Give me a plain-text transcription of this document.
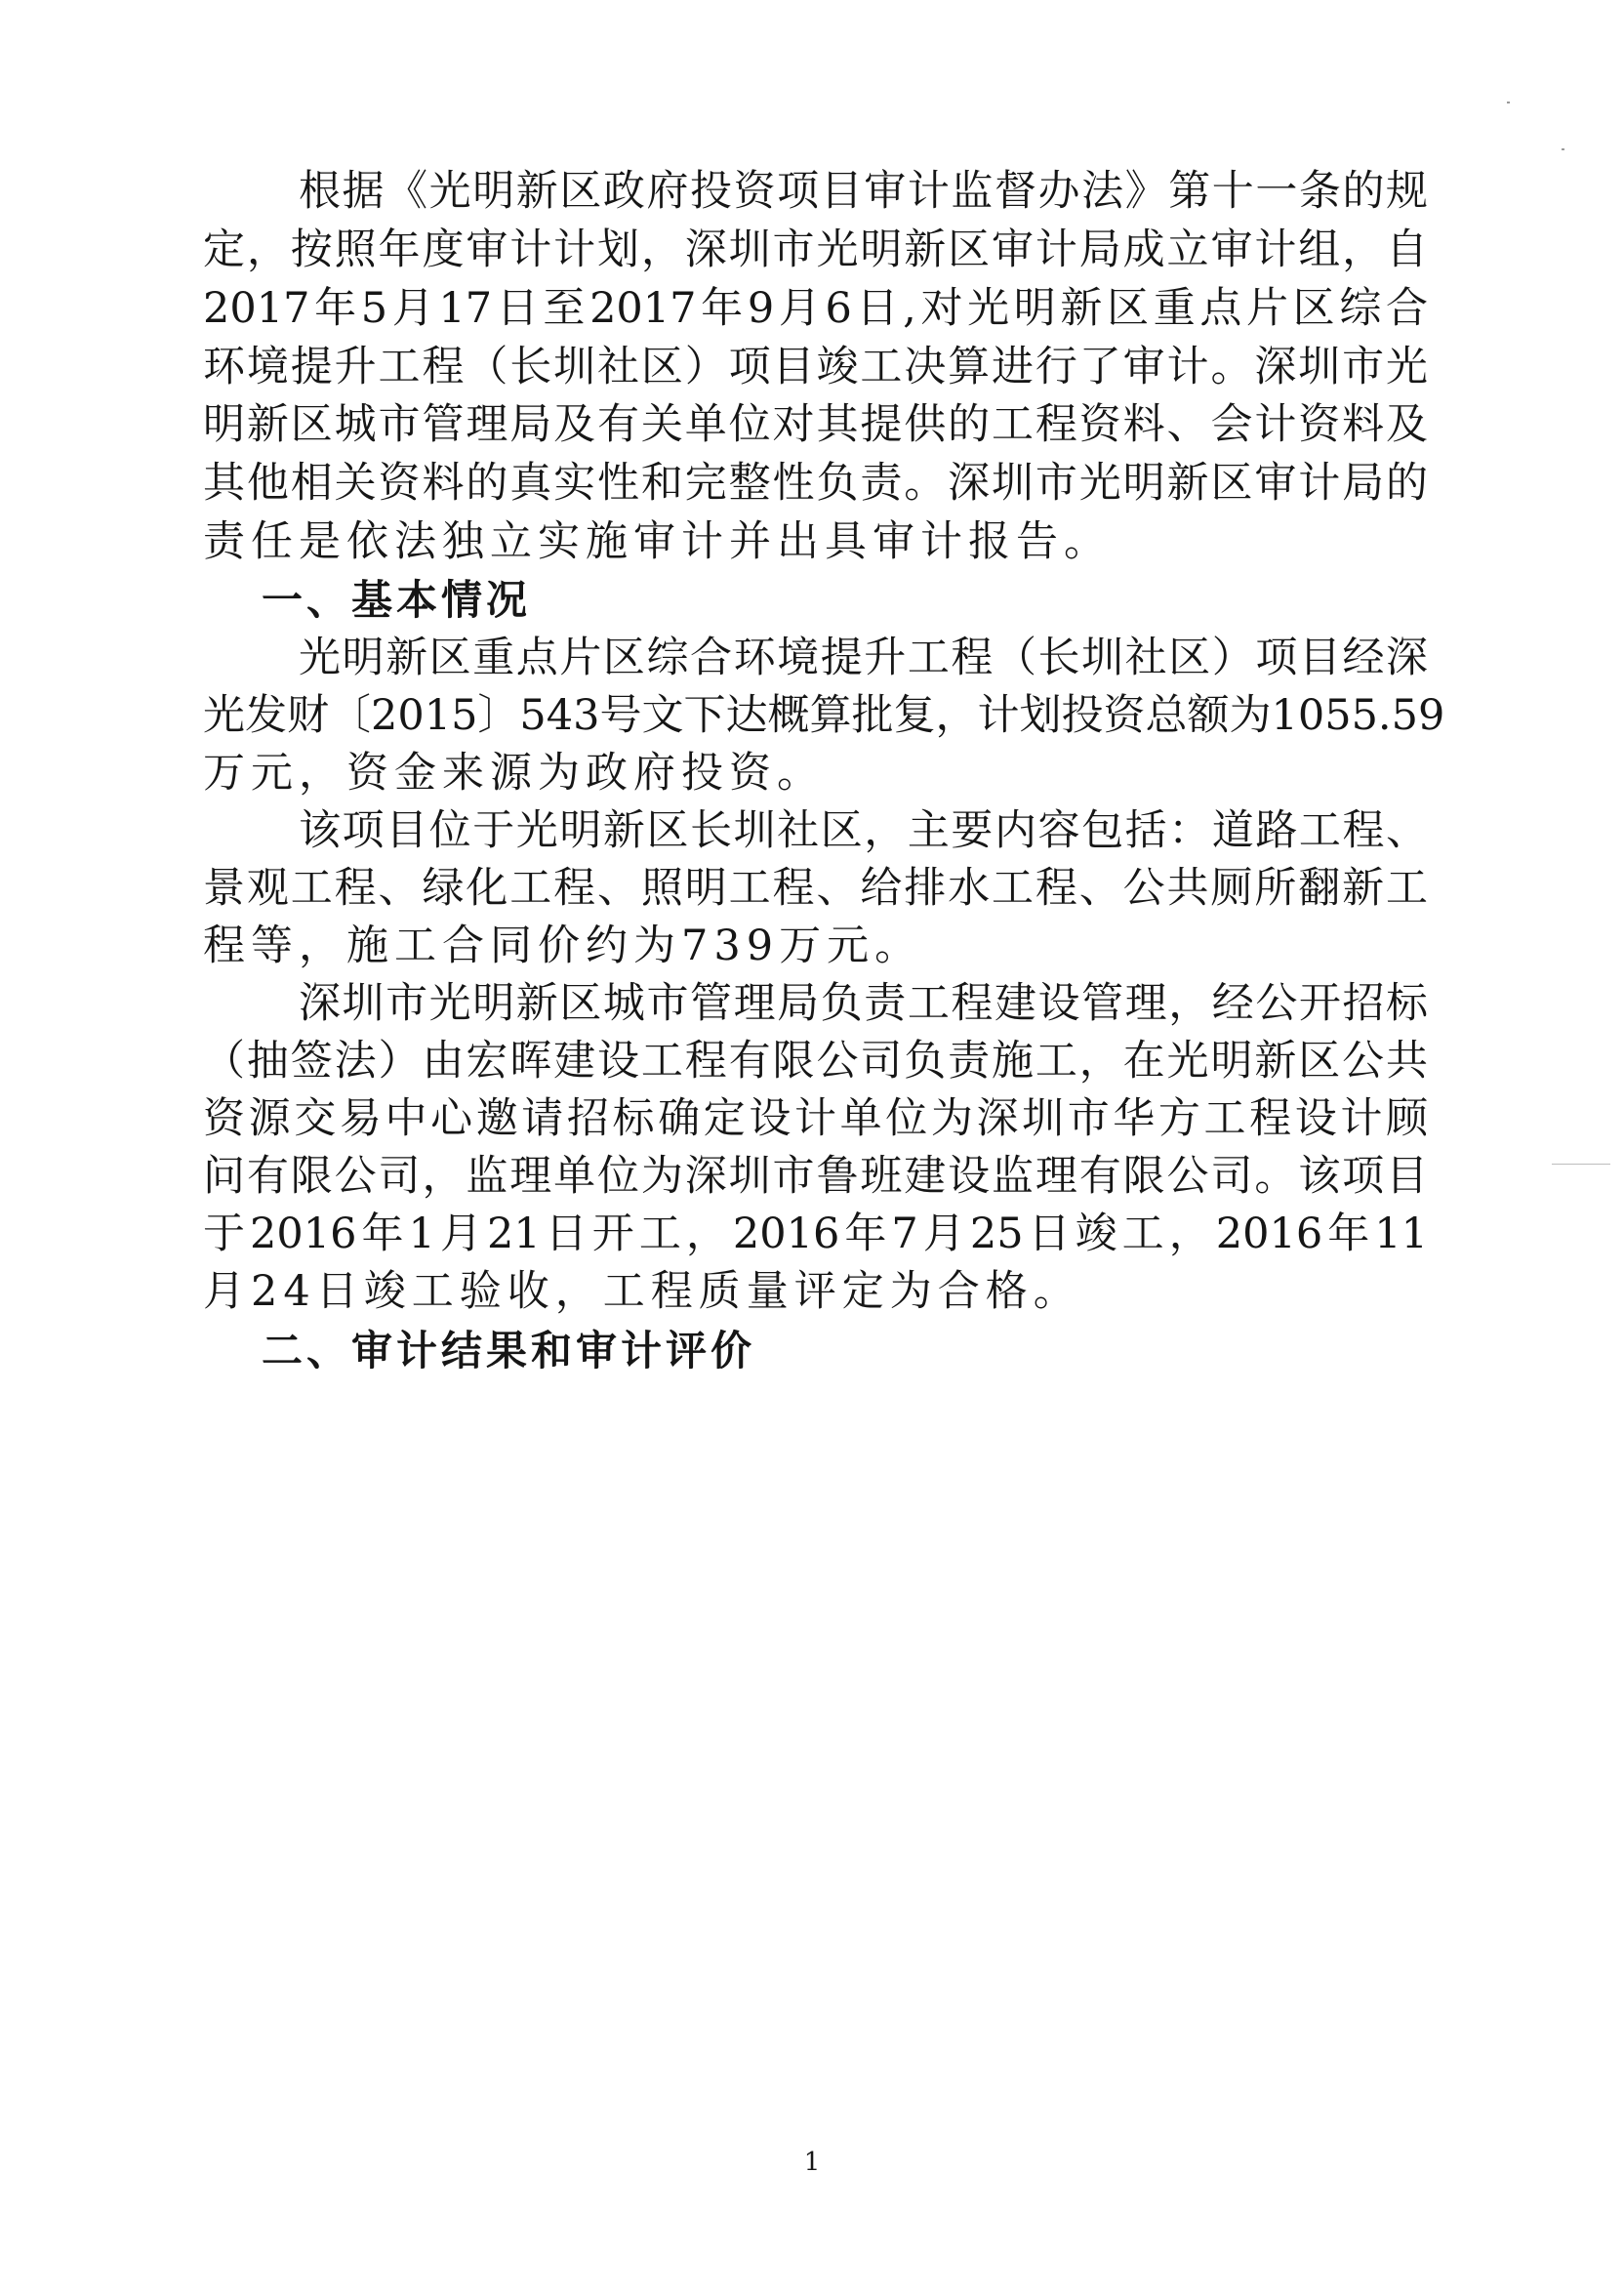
根据《光明新区政府投资项目审计监督办法》第十一条的规
定，按照年度审计计划，深圳市光明新区审计局成立审计组，自
2017年5月17日至2017年9月6日,对光明新区重点片区综合
环境提升工程（长圳社区）项目竣工决算进行了审计。深圳市光
明新区城市管理局及有关单位对其提供的工程资料、会计资料及
其他相关资料的真实性和完整性负责。深圳市光明新区审计局的
责任是依法独立实施审计并出具审计报告。
一、基本情况
光明新区重点片区综合环境提升工程（长圳社区）项目经深
光发财〔2015〕543号文下达概算批复，计划投资总额为1055.59
万元，资金来源为政府投资。
该项目位于光明新区长圳社区，主要内容包括：道路工程、
景观工程、绿化工程、照明工程、给排水工程、公共厕所翻新工
程等，施工合同价约为739万元。
深圳市光明新区城市管理局负责工程建设管理，经公开招标
（抽签法）由宏晖建设工程有限公司负责施工，在光明新区公共
资源交易中心邀请招标确定设计单位为深圳市华方工程设计顾
问有限公司，监理单位为深圳市鲁班建设监理有限公司。该项目
于2016年1月21日开工，2016年7月25日竣工，2016年11
月24日竣工验收，工程质量评定为合格。
二、审计结果和审计评价
1
